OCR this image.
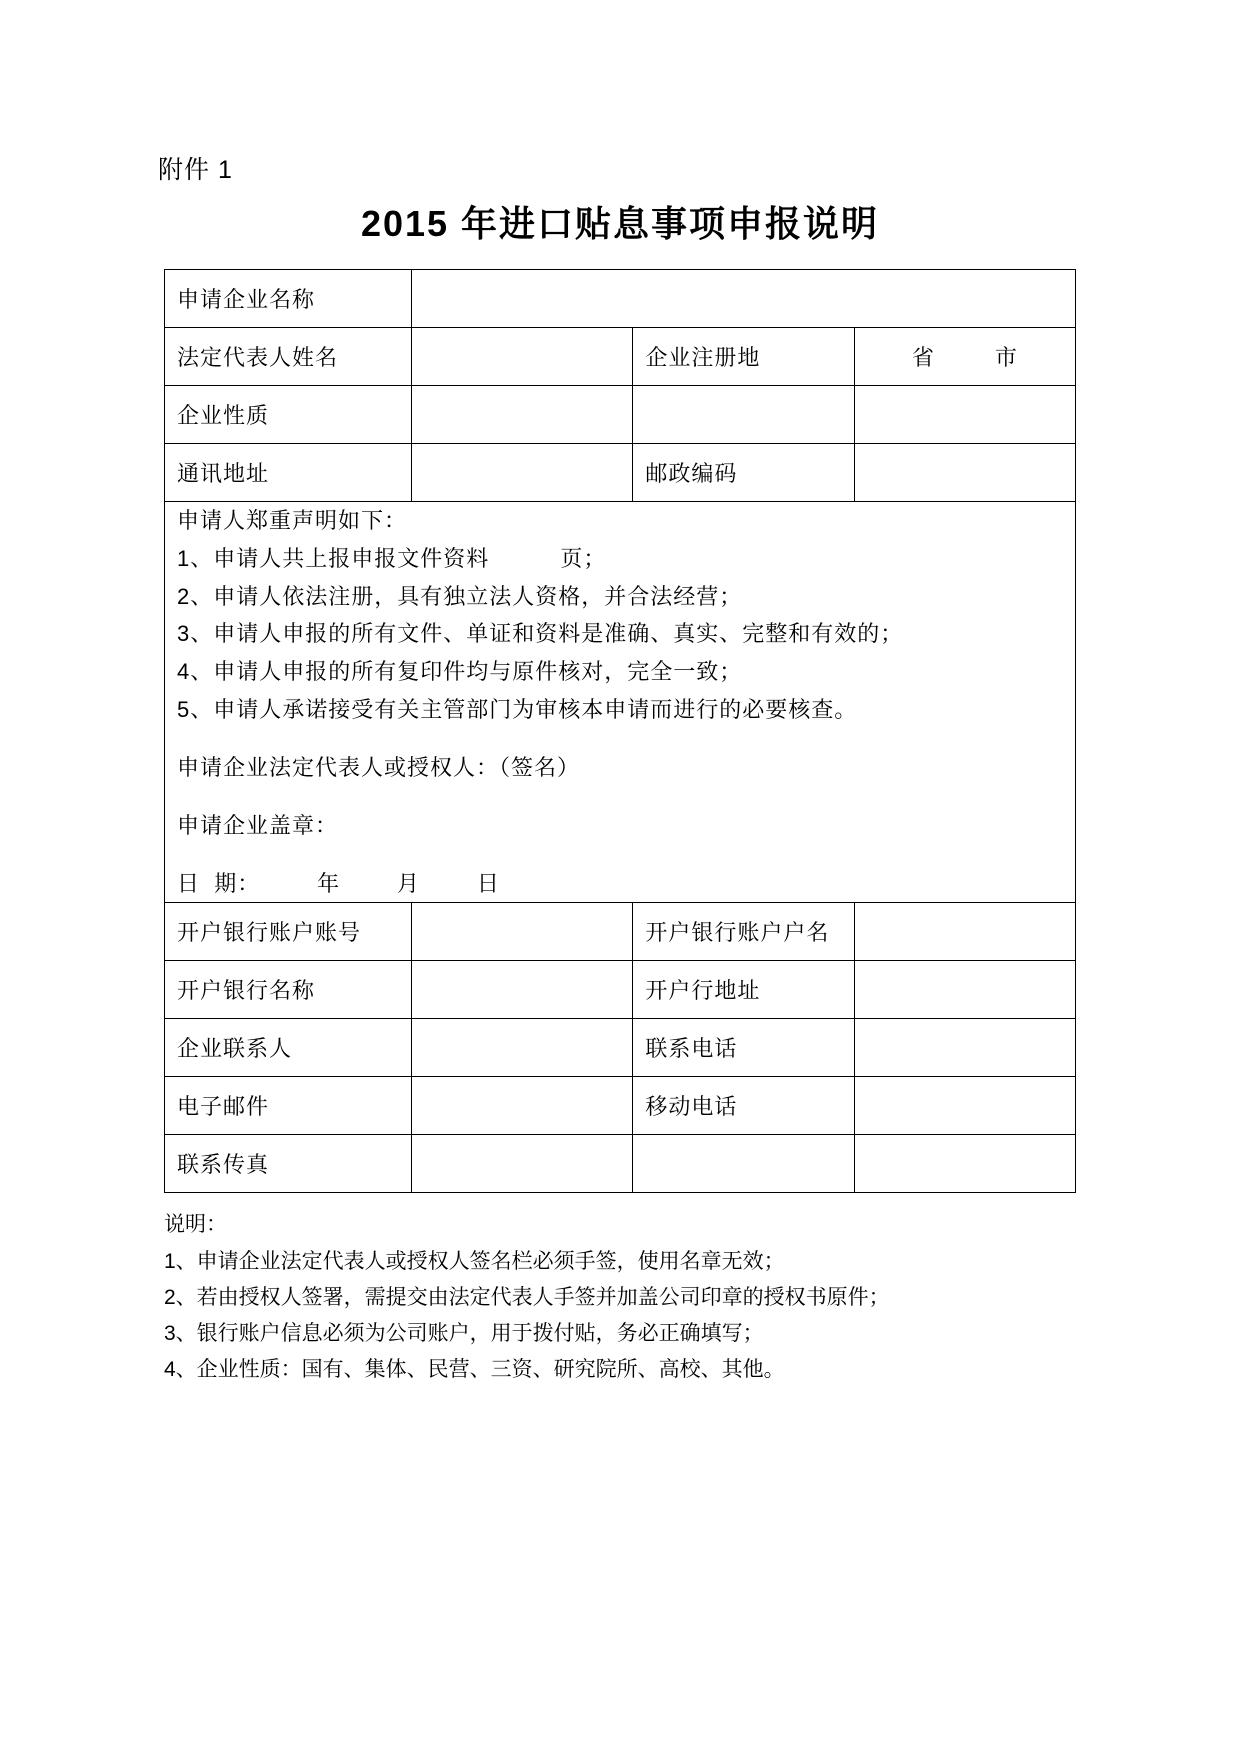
附件 1
2015 年进口贴息事项申报说明
申请企业名称			
法定代表人姓名		企业注册地	省 市

企业性质			
通讯地址		邮政编码	

申请人郑重声明如下：
1、申请人共上报申报文件资料          页；
2、申请人依法注册，具有独立法人资格，并合法经营；
3、申请人申报的所有文件、单证和资料是准确、真实、完整和有效的；
4、申请人申报的所有复印件均与原件核对，完全一致；
5、申请人承诺接受有关主管部门为审核本申请而进行的必要核查。
申请企业法定代表人或授权人：（签名）
申请企业盖章：
日  期：        年        月        日

开户银行账户账号		开户银行账户户名	
开户银行名称		开户行地址	
企业联系人		联系电话	
电子邮件		移动电话	
联系传真			
说明：
1、申请企业法定代表人或授权人签名栏必须手签，使用名章无效；
2、若由授权人签署，需提交由法定代表人手签并加盖公司印章的授权书原件；
3、银行账户信息必须为公司账户，用于拨付贴，务必正确填写；
4、企业性质：国有、集体、民营、三资、研究院所、高校、其他。
